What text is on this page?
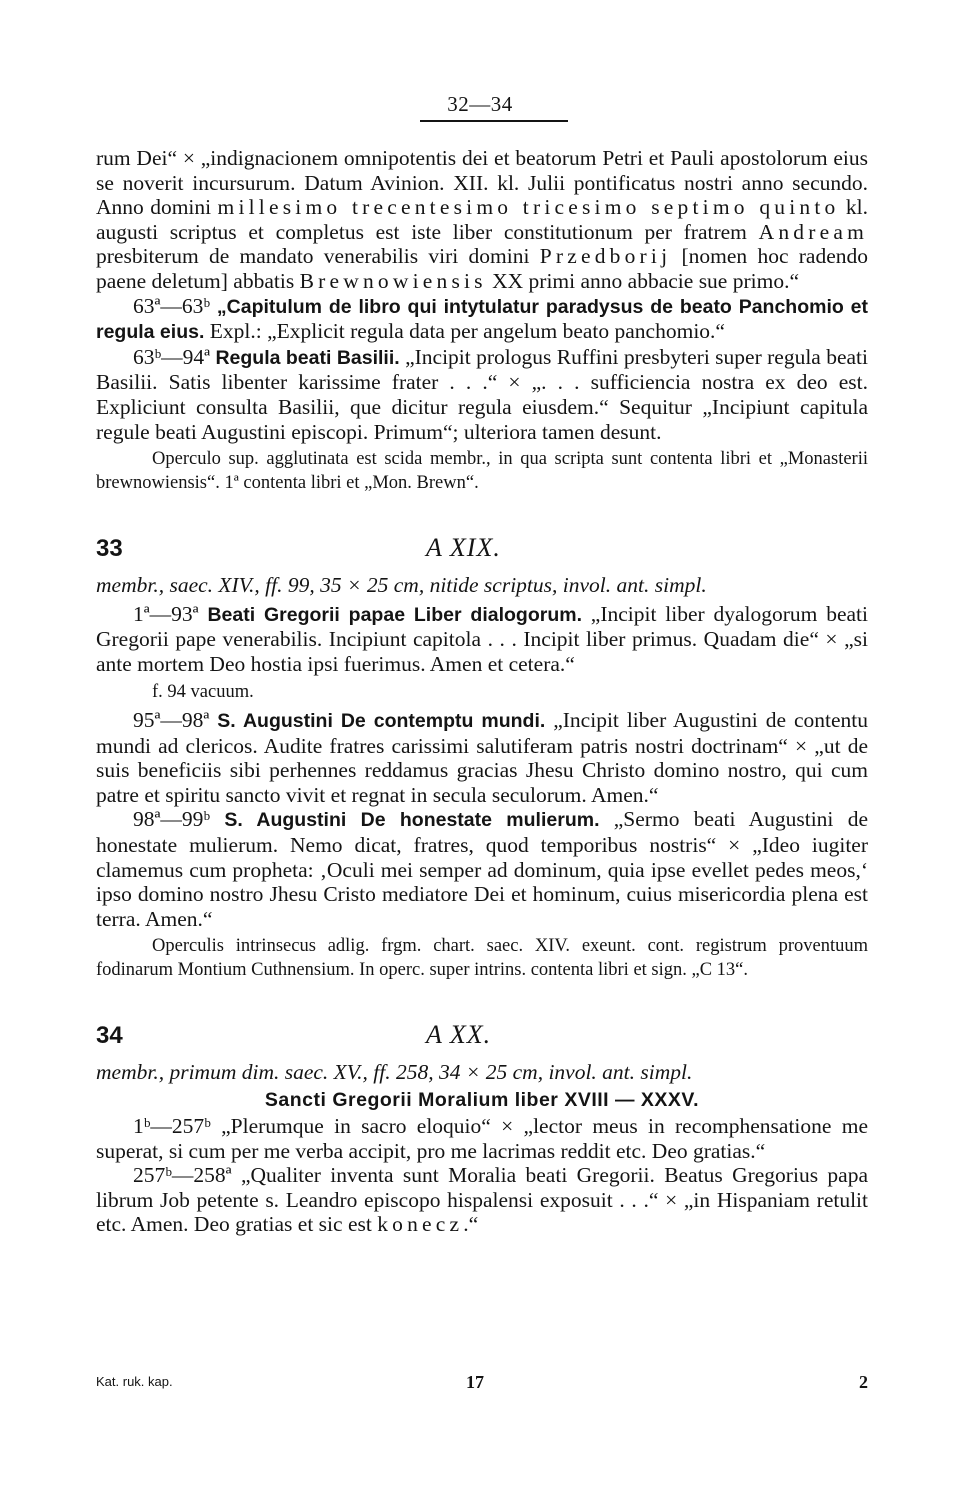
32—34

rum Dei“ × „indignacionem omnipotentis dei et beatorum Petri et Pauli apostolorum eius se noverit incursurum. Datum Avinion. XII. kl. Julii pontificatus nostri anno secundo. Anno domini millesimo trecentesimo tricesimo septimo quinto kl. augusti scriptus et completus est iste liber constitutionum per fratrem Andream presbiterum de mandato venerabilis viri domini Przedborij [nomen hoc radendo paene deletum] abbatis Brewnowiensis XX primi anno abbacie sue primo.“

63ª—63ᵇ „Capitulum de libro qui intytulatur paradysus de beato Panchomio et regula eius. Expl.: „Explicit regula data per angelum beato panchomio.“

63ᵇ—94ª Regula beati Basilii. „Incipit prologus Ruffini presbyteri super regula beati Basilii. Satis libenter karissime frater . . .“ × „. . . sufficiencia nostra ex deo est. Expliciunt consulta Basilii, que dicitur regula eiusdem.“ Sequitur „Incipiunt capitula regule beati Augustini episcopi. Primum“; ulteriora tamen desunt.

Operculo sup. agglutinata est scida membr., in qua scripta sunt contenta libri et „Monasterii brewnowiensis“. 1ª contenta libri et „Mon. Brewn“.

33	A XIX.

membr., saec. XIV., ff. 99, 35 × 25 cm, nitide scriptus, invol. ant. simpl.

1ª—93ª Beati Gregorii papae Liber dialogorum. „Incipit liber dyalogorum beati Gregorii pape venerabilis. Incipiunt capitola . . . Incipit liber primus. Quadam die“ × „si ante mortem Deo hostia ipsi fuerimus. Amen et cetera.“

f. 94 vacuum.

95ª—98ª S. Augustini De contemptu mundi. „Incipit liber Augustini de contentu mundi ad clericos. Audite fratres carissimi salutiferam patris nostri doctrinam“ × „ut de suis beneficiis sibi perhennes reddamus gracias Jhesu Christo domino nostro, qui cum patre et spiritu sancto vivit et regnat in secula seculorum. Amen.“

98ª—99ᵇ S. Augustini De honestate mulierum. „Sermo beati Augustini de honestate mulierum. Nemo dicat, fratres, quod temporibus nostris“ × „Ideo iugiter clamemus cum propheta: ‚Oculi mei semper ad dominum, quia ipse evellet pedes meos,‘ ipso domino nostro Jhesu Cristo mediatore Dei et hominum, cuius misericordia plena est terra. Amen.“

Operculis intrinsecus adlig. frgm. chart. saec. XIV. exeunt. cont. registrum proventuum fodinarum Montium Cuthnensium. In operc. super intrins. contenta libri et sign. „C 13“.

34	A XX.

membr., primum dim. saec. XV., ff. 258, 34 × 25 cm, invol. ant. simpl.

Sancti Gregorii Moralium liber XVIII — XXXV.

1ᵇ—257ᵇ „Plerumque in sacro eloquio“ × „lector meus in recomphensatione me superat, si cum per me verba accipit, pro me lacrimas reddit etc. Deo gratias.“

257ᵇ—258ª „Qualiter inventa sunt Moralia beati Gregorii. Beatus Gregorius papa librum Job petente s. Leandro episcopo hispalensi exposuit . . .“ × „in Hispaniam retulit etc. Amen. Deo gratias et sic est konecz.“

Kat. ruk. kap.	17	2
